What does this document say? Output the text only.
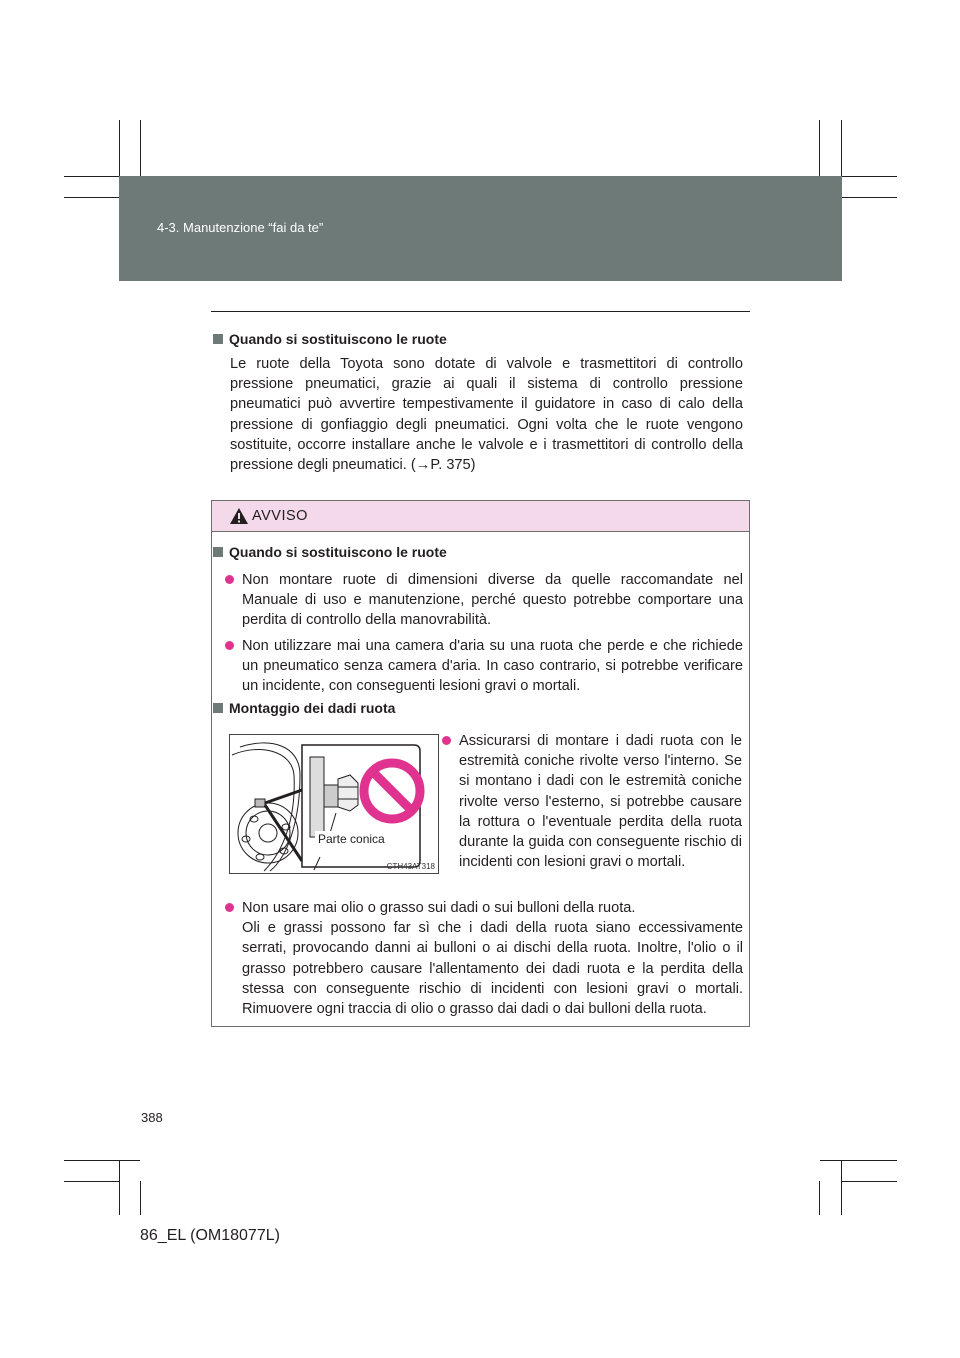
4-3. Manutenzione “fai da te”
Quando si sostituiscono le ruote

Le ruote della Toyota sono dotate di valvole e trasmettitori di controllo pressione pneumatici, grazie ai quali il sistema di controllo pressione pneumatici può avvertire tempestivamente il guidatore in caso di calo della pressione di gonfiaggio degli pneumatici. Ogni volta che le ruote vengono sostituite, occorre installare anche le valvole e i trasmettitori di controllo della pressione degli pneumatici. (→P. 375)

AVVISO
Quando si sostituiscono le ruote

Non montare ruote di dimensioni diverse da quelle raccomandate nel Manuale di uso e manutenzione, perché questo potrebbe comportare una perdita di controllo della manovrabilità.

Non utilizzare mai una camera d'aria su una ruota che perde e che richiede un pneumatico senza camera d'aria. In caso contrario, si potrebbe verificare un incidente, con conseguenti lesioni gravi o mortali.

Montaggio dei dadi ruota
Parte conica
CTH43AT318

Assicurarsi di montare i dadi ruota con le estremità coniche rivolte verso l'interno. Se si montano i dadi con le estremità coniche rivolte verso l'esterno, si potrebbe causare la rottura o l'eventuale perdita della ruota durante la guida con conseguente rischio di incidenti con lesioni gravi o mortali.

Non usare mai olio o grasso sui dadi o sui bulloni della ruota.

Oli e grassi possono far sì che i dadi della ruota siano eccessivamente serrati, provocando danni ai bulloni o ai dischi della ruota. Inoltre, l'olio o il grasso potrebbero causare l'allentamento dei dadi ruota e la perdita della stessa con conseguente rischio di incidenti con lesioni gravi o mortali. Rimuovere ogni traccia di olio o grasso dai dadi o dai bulloni della ruota.

388
86_EL (OM18077L)
